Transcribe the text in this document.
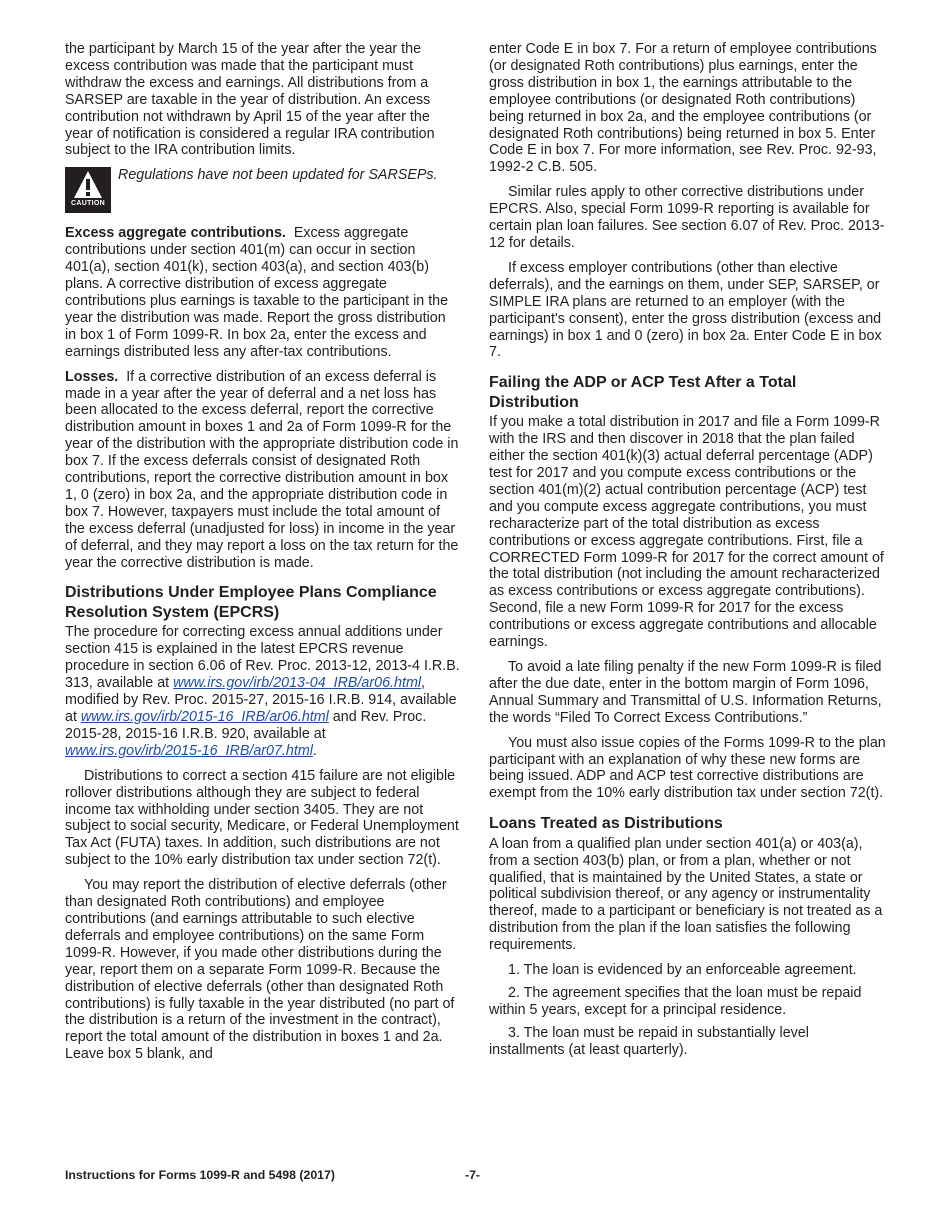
the participant by March 15 of the year after the year the excess contribution was made that the participant must withdraw the excess and earnings. All distributions from a SARSEP are taxable in the year of distribution. An excess contribution not withdrawn by April 15 of the year after the year of notification is considered a regular IRA contribution subject to the IRA contribution limits.

CAUTION
Regulations have not been updated for SARSEPs.

Excess aggregate contributions. Excess aggregate contributions under section 401(m) can occur in section 401(a), section 401(k), section 403(a), and section 403(b) plans. A corrective distribution of excess aggregate contributions plus earnings is taxable to the participant in the year the distribution was made. Report the gross distribution in box 1 of Form 1099-R. In box 2a, enter the excess and earnings distributed less any after-tax contributions.

Losses. If a corrective distribution of an excess deferral is made in a year after the year of deferral and a net loss has been allocated to the excess deferral, report the corrective distribution amount in boxes 1 and 2a of Form 1099-R for the year of the distribution with the appropriate distribution code in box 7. If the excess deferrals consist of designated Roth contributions, report the corrective distribution amount in box 1, 0 (zero) in box 2a, and the appropriate distribution code in box 7. However, taxpayers must include the total amount of the excess deferral (unadjusted for loss) in income in the year of deferral, and they may report a loss on the tax return for the year the corrective distribution is made.

Distributions Under Employee Plans Compliance Resolution System (EPCRS)

The procedure for correcting excess annual additions under section 415 is explained in the latest EPCRS revenue procedure in section 6.06 of Rev. Proc. 2013-12, 2013-4 I.R.B. 313, available at www.irs.gov/irb/2013-04_IRB/ar06.html, modified by Rev. Proc. 2015-27, 2015-16 I.R.B. 914, available at www.irs.gov/irb/2015-16_IRB/ar06.html and Rev. Proc. 2015-28, 2015-16 I.R.B. 920, available at www.irs.gov/irb/2015-16_IRB/ar07.html.

Distributions to correct a section 415 failure are not eligible rollover distributions although they are subject to federal income tax withholding under section 3405. They are not subject to social security, Medicare, or Federal Unemployment Tax Act (FUTA) taxes. In addition, such distributions are not subject to the 10% early distribution tax under section 72(t).

You may report the distribution of elective deferrals (other than designated Roth contributions) and employee contributions (and earnings attributable to such elective deferrals and employee contributions) on the same Form 1099-R. However, if you made other distributions during the year, report them on a separate Form 1099-R. Because the distribution of elective deferrals (other than designated Roth contributions) is fully taxable in the year distributed (no part of the distribution is a return of the investment in the contract), report the total amount of the distribution in boxes 1 and 2a. Leave box 5 blank, and

enter Code E in box 7. For a return of employee contributions (or designated Roth contributions) plus earnings, enter the gross distribution in box 1, the earnings attributable to the employee contributions (or designated Roth contributions) being returned in box 2a, and the employee contributions (or designated Roth contributions) being returned in box 5. Enter Code E in box 7. For more information, see Rev. Proc. 92-93, 1992-2 C.B. 505.

Similar rules apply to other corrective distributions under EPCRS. Also, special Form 1099-R reporting is available for certain plan loan failures. See section 6.07 of Rev. Proc. 2013-12 for details.

If excess employer contributions (other than elective deferrals), and the earnings on them, under SEP, SARSEP, or SIMPLE IRA plans are returned to an employer (with the participant's consent), enter the gross distribution (excess and earnings) in box 1 and 0 (zero) in box 2a. Enter Code E in box 7.

Failing the ADP or ACP Test After a Total Distribution

If you make a total distribution in 2017 and file a Form 1099-R with the IRS and then discover in 2018 that the plan failed either the section 401(k)(3) actual deferral percentage (ADP) test for 2017 and you compute excess contributions or the section 401(m)(2) actual contribution percentage (ACP) test and you compute excess aggregate contributions, you must recharacterize part of the total distribution as excess contributions or excess aggregate contributions. First, file a CORRECTED Form 1099-R for 2017 for the correct amount of the total distribution (not including the amount recharacterized as excess contributions or excess aggregate contributions). Second, file a new Form 1099-R for 2017 for the excess contributions or excess aggregate contributions and allocable earnings.

To avoid a late filing penalty if the new Form 1099-R is filed after the due date, enter in the bottom margin of Form 1096, Annual Summary and Transmittal of U.S. Information Returns, the words “Filed To Correct Excess Contributions.”

You must also issue copies of the Forms 1099-R to the plan participant with an explanation of why these new forms are being issued. ADP and ACP test corrective distributions are exempt from the 10% early distribution tax under section 72(t).

Loans Treated as Distributions

A loan from a qualified plan under section 401(a) or 403(a), from a section 403(b) plan, or from a plan, whether or not qualified, that is maintained by the United States, a state or political subdivision thereof, or any agency or instrumentality thereof, made to a participant or beneficiary is not treated as a distribution from the plan if the loan satisfies the following requirements.

1. The loan is evidenced by an enforceable agreement.
2. The agreement specifies that the loan must be repaid within 5 years, except for a principal residence.
3. The loan must be repaid in substantially level installments (at least quarterly).
Instructions for Forms 1099-R and 5498 (2017)	-7-
